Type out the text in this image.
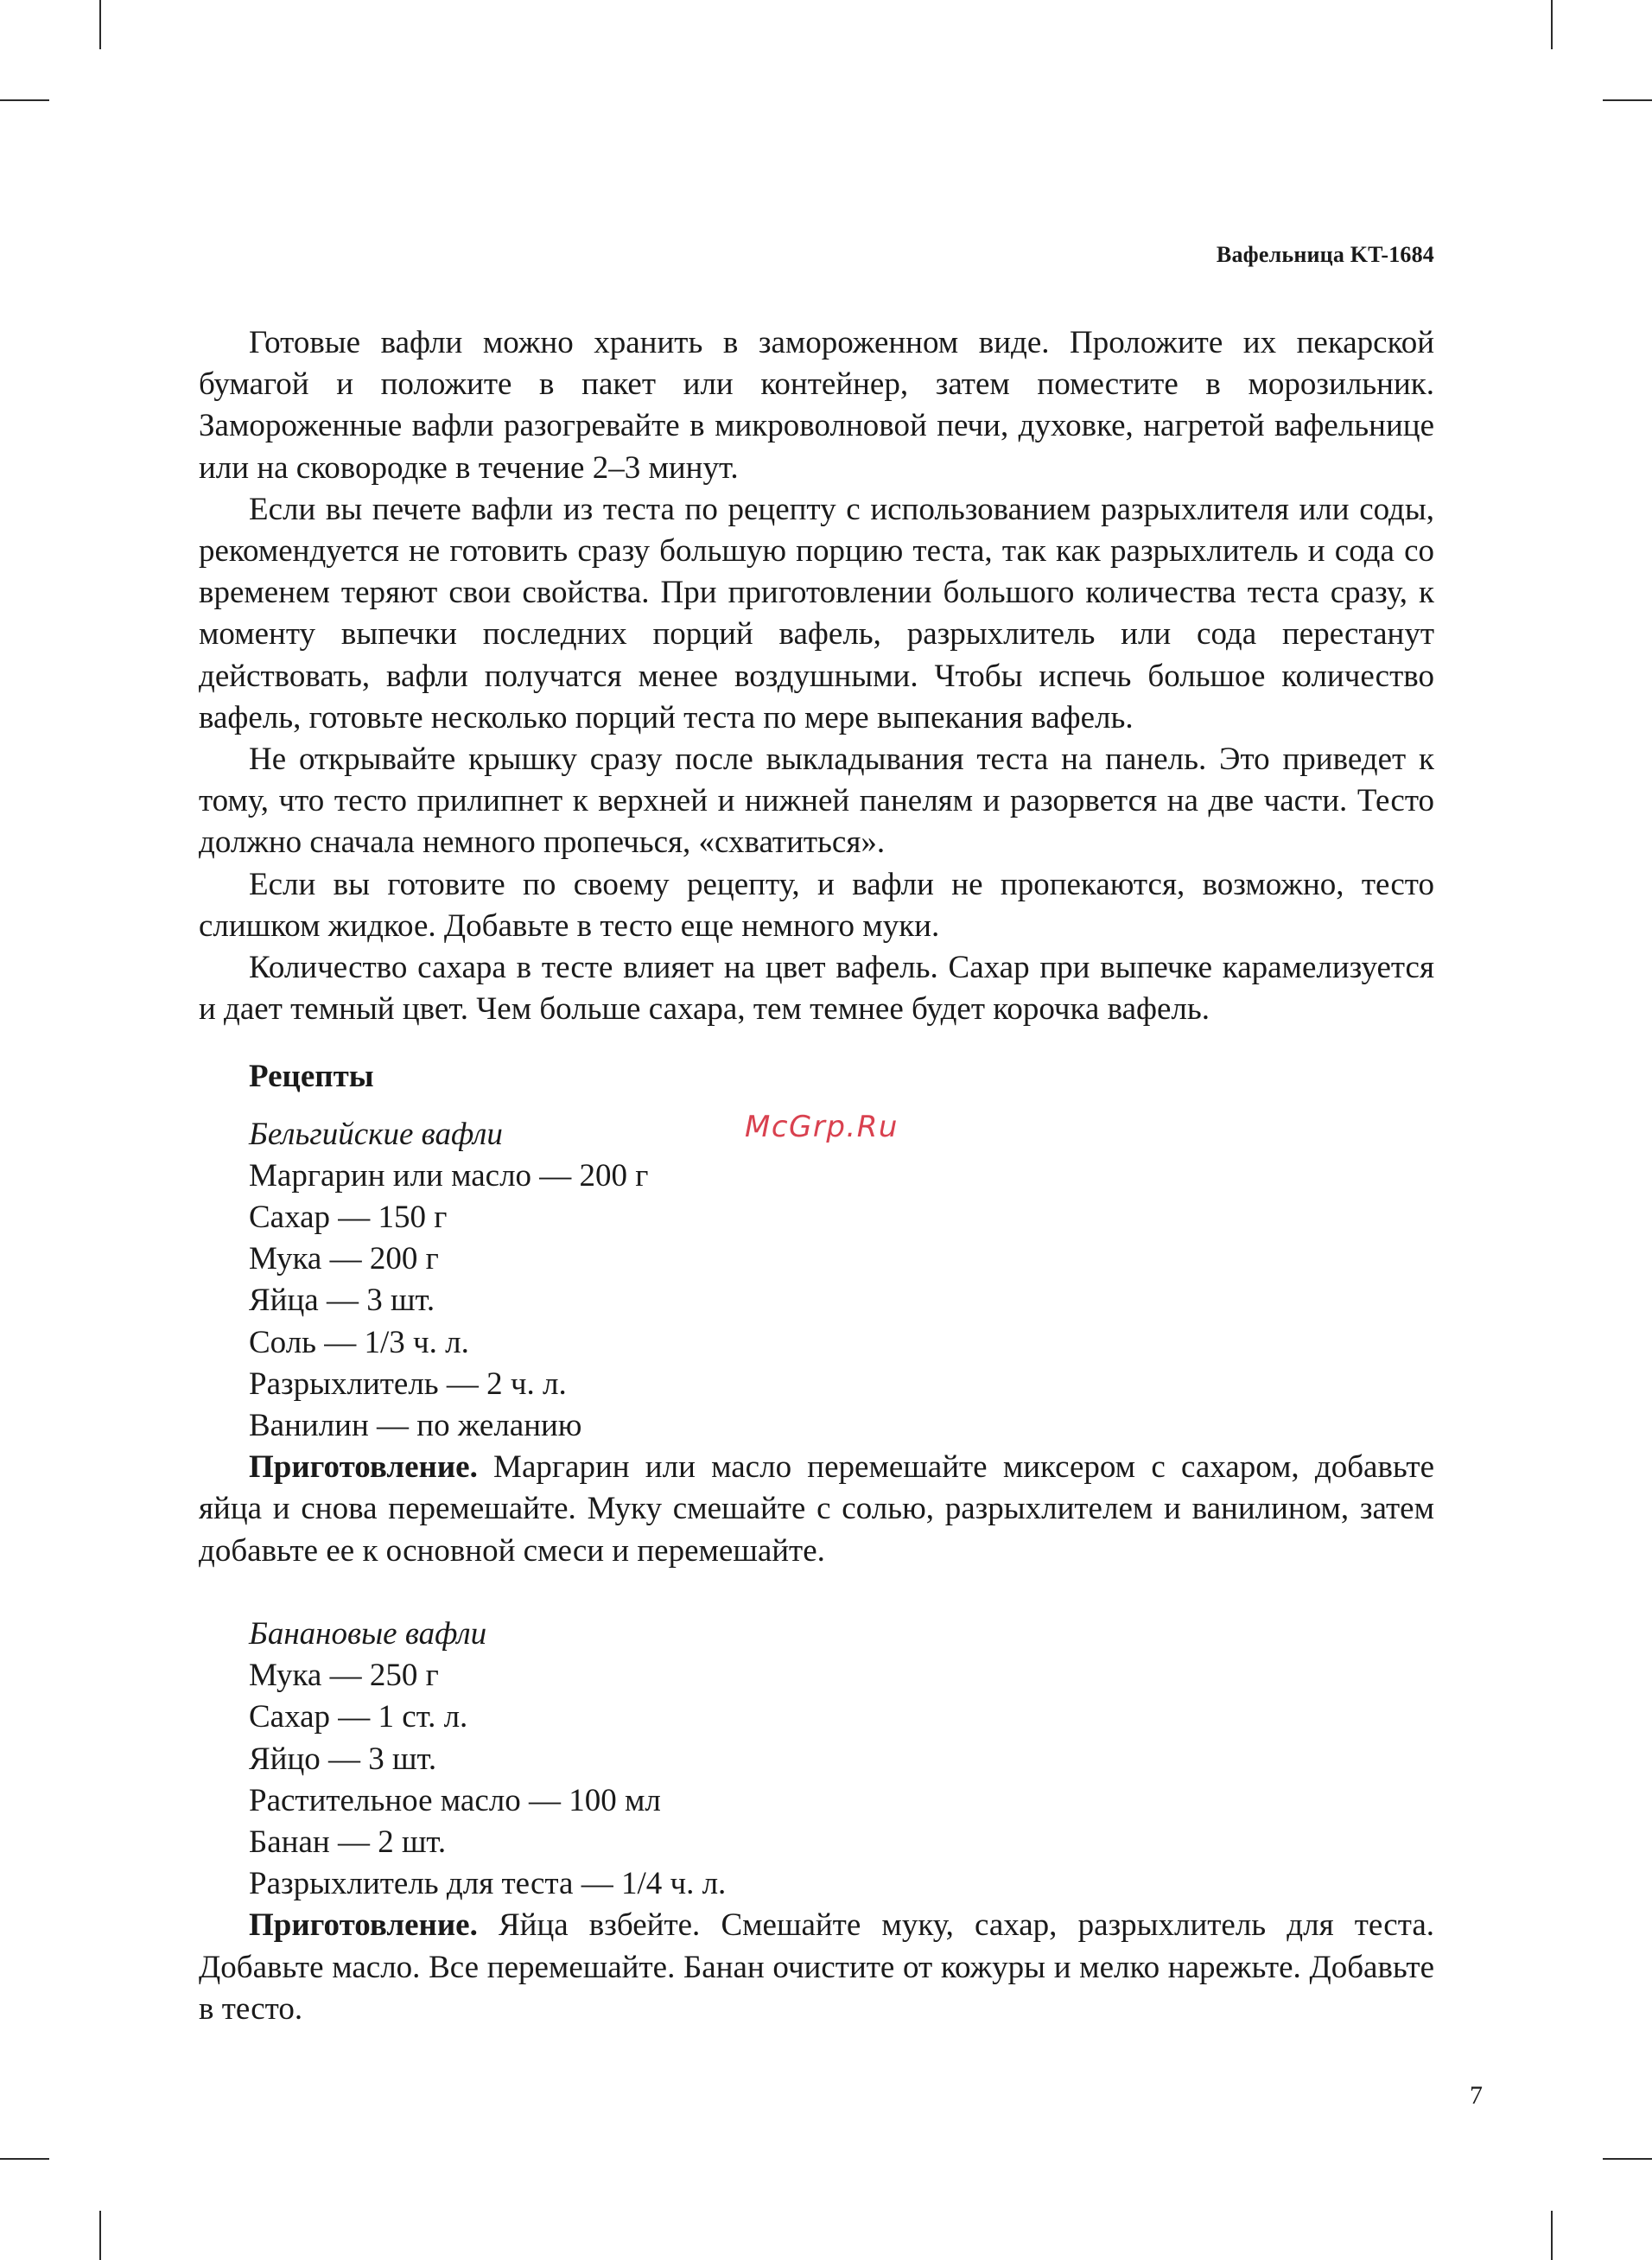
Вафельница KT-1684

Готовые вафли можно хранить в замороженном виде. Проложите их пекарской бумагой и положите в пакет или контейнер, затем поместите в морозильник. Замороженные вафли разогревайте в микроволновой печи, духовке, нагретой вафельнице или на сковородке в течение 2–3 минут.

Если вы печете вафли из теста по рецепту с использованием разрыхлителя или соды, рекомендуется не готовить сразу большую порцию теста, так как разрыхлитель и сода со временем теряют свои свойства. При приготовлении большого количества теста сразу, к моменту выпечки последних порций вафель, разрыхлитель или сода перестанут действовать, вафли получатся менее воздушными. Чтобы испечь большое количество вафель, готовьте несколько порций теста по мере выпекания вафель.

Не открывайте крышку сразу после выкладывания теста на панель. Это приведет к тому, что тесто прилипнет к верхней и нижней панелям и разорвется на две части. Тесто должно сначала немного пропечься, «схватиться».

Если вы готовите по своему рецепту, и вафли не пропекаются, возможно, тесто слишком жидкое. Добавьте в тесто еще немного муки.

Количество сахара в тесте влияет на цвет вафель. Сахар при выпечке карамелизуется и дает темный цвет. Чем больше сахара, тем темнее будет корочка вафель.

Рецепты
Бельгийские вафли
Маргарин или масло — 200 г
Сахар — 150 г
Мука — 200 г
Яйца — 3 шт.
Соль — 1/3 ч. л.
Разрыхлитель — 2 ч. л.
Ванилин — по желанию
Приготовление. Маргарин или масло перемешайте миксером с сахаром, добавьте яйца и снова перемешайте. Муку смешайте с солью, разрыхлителем и ванилином, затем добавьте ее к основной смеси и перемешайте.
Банановые вафли
Мука — 250 г
Сахар — 1 ст. л.
Яйцо — 3 шт.
Растительное масло — 100 мл
Банан — 2 шт.
Разрыхлитель для теста — 1/4 ч. л.
Приготовление. Яйца взбейте. Смешайте муку, сахар, разрыхлитель для теста. Добавьте масло. Все перемешайте. Банан очистите от кожуры и мелко нарежьте. Добавьте в тесто.
McGrp.Ru
7
